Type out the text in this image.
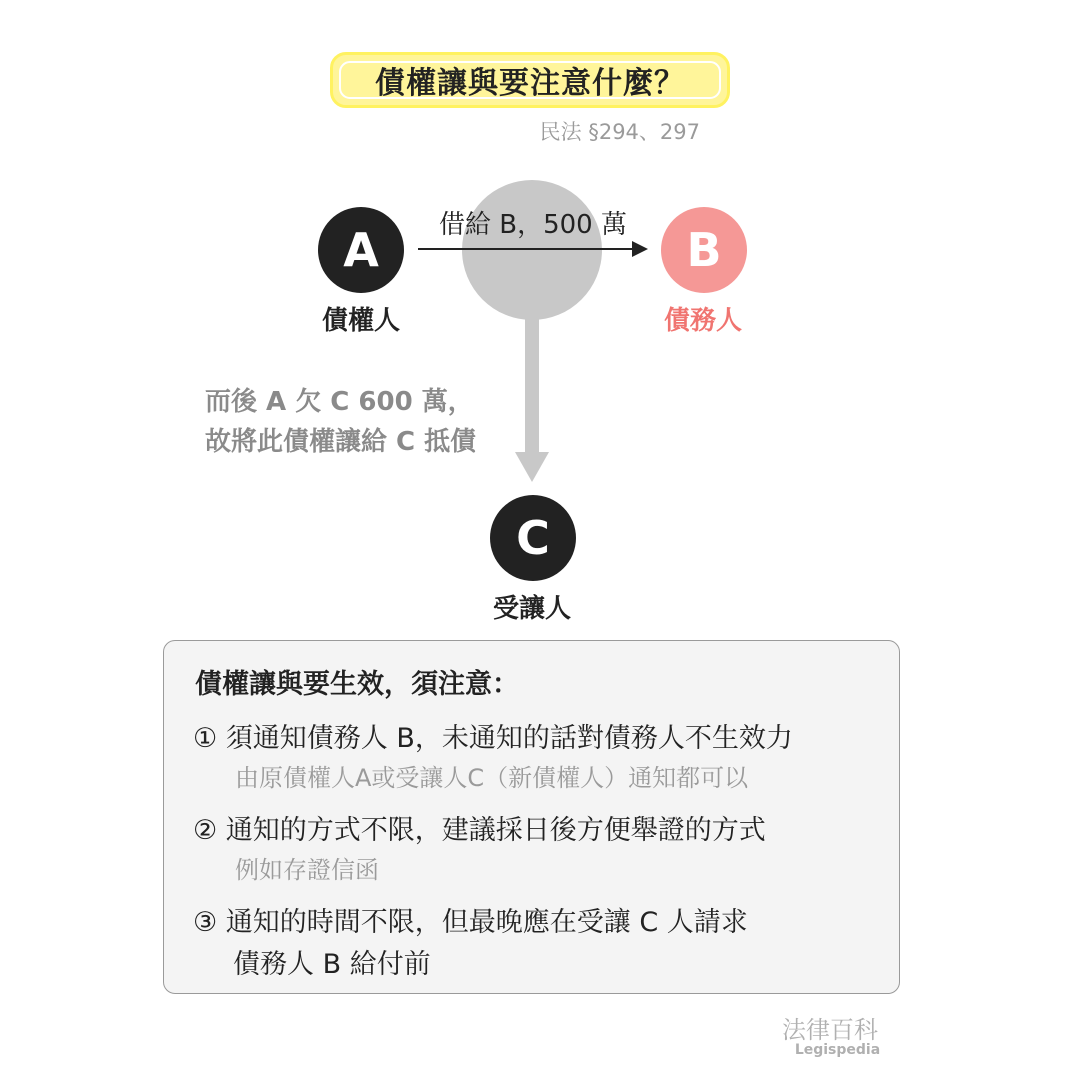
債權讓與要注意什麼？
民法 §294、297
A
債權人
借給 B，500 萬	B
債務人
而後 A 欠 C 600 萬，
故將此債權讓給 C 抵債
C
受讓人
債權讓與要生效，須注意：
① 須通知債務人 B，未通知的話對債務人不生效力
由原債權人A或受讓人C（新債權人）通知都可以
② 通知的方式不限，建議採日後方便舉證的方式
例如存證信函
③ 通知的時間不限，但最晚應在受讓 C 人請求
債務人 B 給付前
法律百科
Legispedia
